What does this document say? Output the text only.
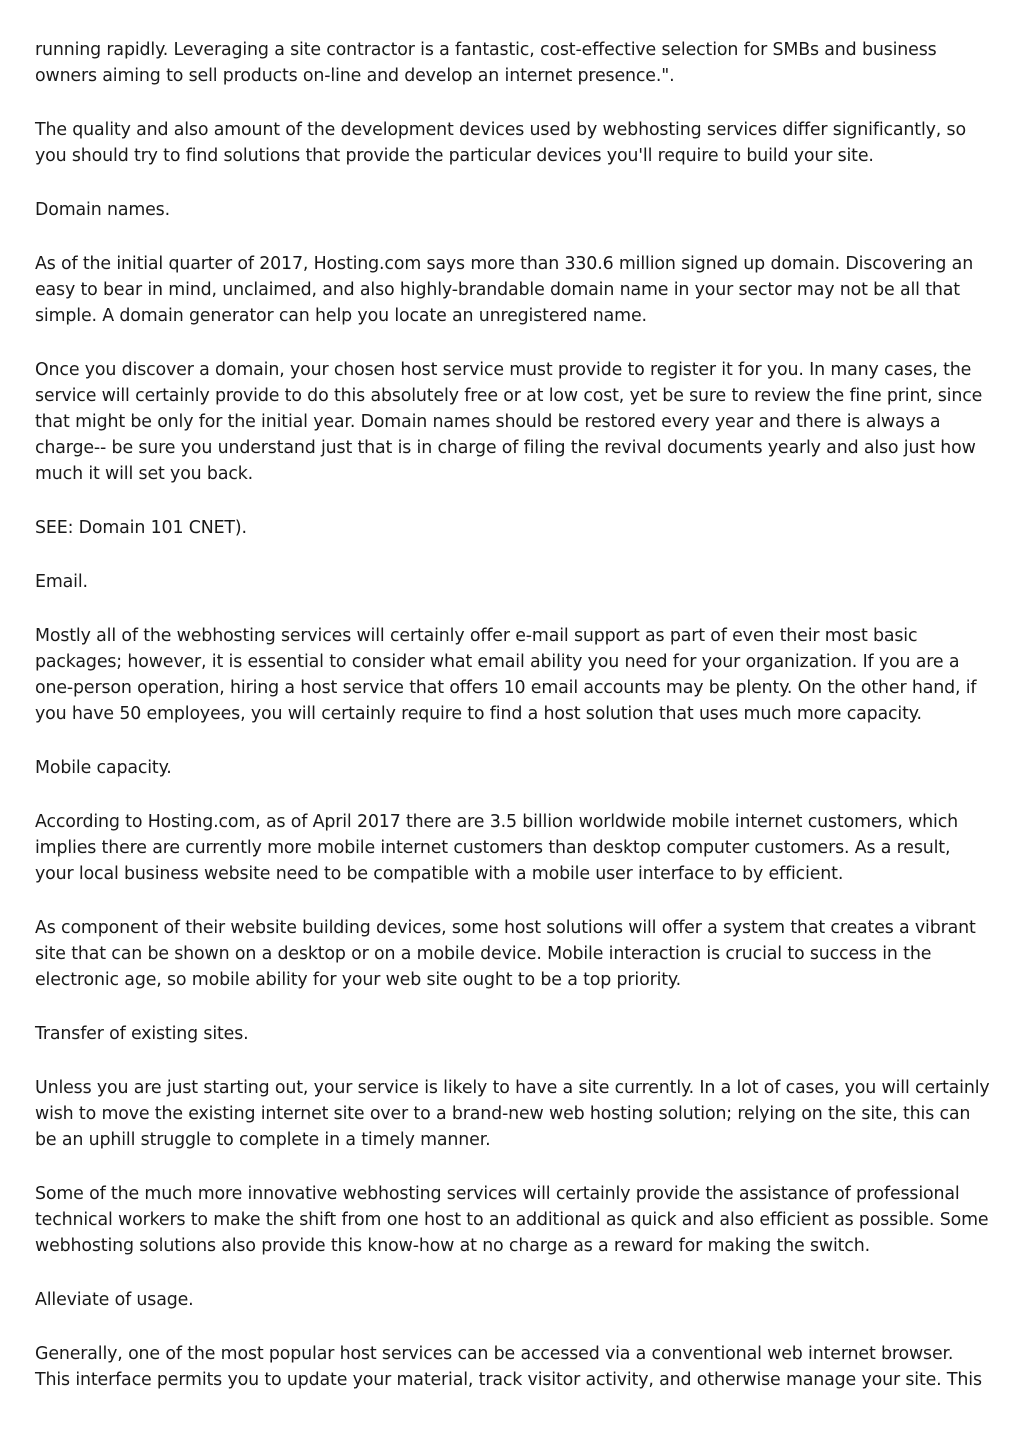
running rapidly. Leveraging a site contractor is a fantastic, cost-effective selection for SMBs and business owners aiming to sell products on-line and develop an internet presence.".

The quality and also amount of the development devices used by webhosting services differ significantly, so you should try to find solutions that provide the particular devices you'll require to build your site.

Domain names.

As of the initial quarter of 2017, Hosting.com says more than 330.6 million signed up domain. Discovering an easy to bear in mind, unclaimed, and also highly-brandable domain name in your sector may not be all that simple. A domain generator can help you locate an unregistered name.

Once you discover a domain, your chosen host service must provide to register it for you. In many cases, the service will certainly provide to do this absolutely free or at low cost, yet be sure to review the fine print, since that might be only for the initial year. Domain names should be restored every year and there is always a charge-- be sure you understand just that is in charge of filing the revival documents yearly and also just how much it will set you back.

SEE: Domain 101 CNET).

Email.

Mostly all of the webhosting services will certainly offer e-mail support as part of even their most basic packages; however, it is essential to consider what email ability you need for your organization. If you are a one-person operation, hiring a host service that offers 10 email accounts may be plenty. On the other hand, if you have 50 employees, you will certainly require to find a host solution that uses much more capacity.

Mobile capacity.

According to Hosting.com, as of April 2017 there are 3.5 billion worldwide mobile internet customers, which implies there are currently more mobile internet customers than desktop computer customers. As a result, your local business website need to be compatible with a mobile user interface to by efficient.

As component of their website building devices, some host solutions will offer a system that creates a vibrant site that can be shown on a desktop or on a mobile device. Mobile interaction is crucial to success in the electronic age, so mobile ability for your web site ought to be a top priority.

Transfer of existing sites.

Unless you are just starting out, your service is likely to have a site currently. In a lot of cases, you will certainly wish to move the existing internet site over to a brand-new web hosting solution; relying on the site, this can be an uphill struggle to complete in a timely manner.

Some of the much more innovative webhosting services will certainly provide the assistance of professional technical workers to make the shift from one host to an additional as quick and also efficient as possible. Some webhosting solutions also provide this know-how at no charge as a reward for making the switch.

Alleviate of usage.

Generally, one of the most popular host services can be accessed via a conventional web internet browser. This interface permits you to update your material, track visitor activity, and otherwise manage your site. This
